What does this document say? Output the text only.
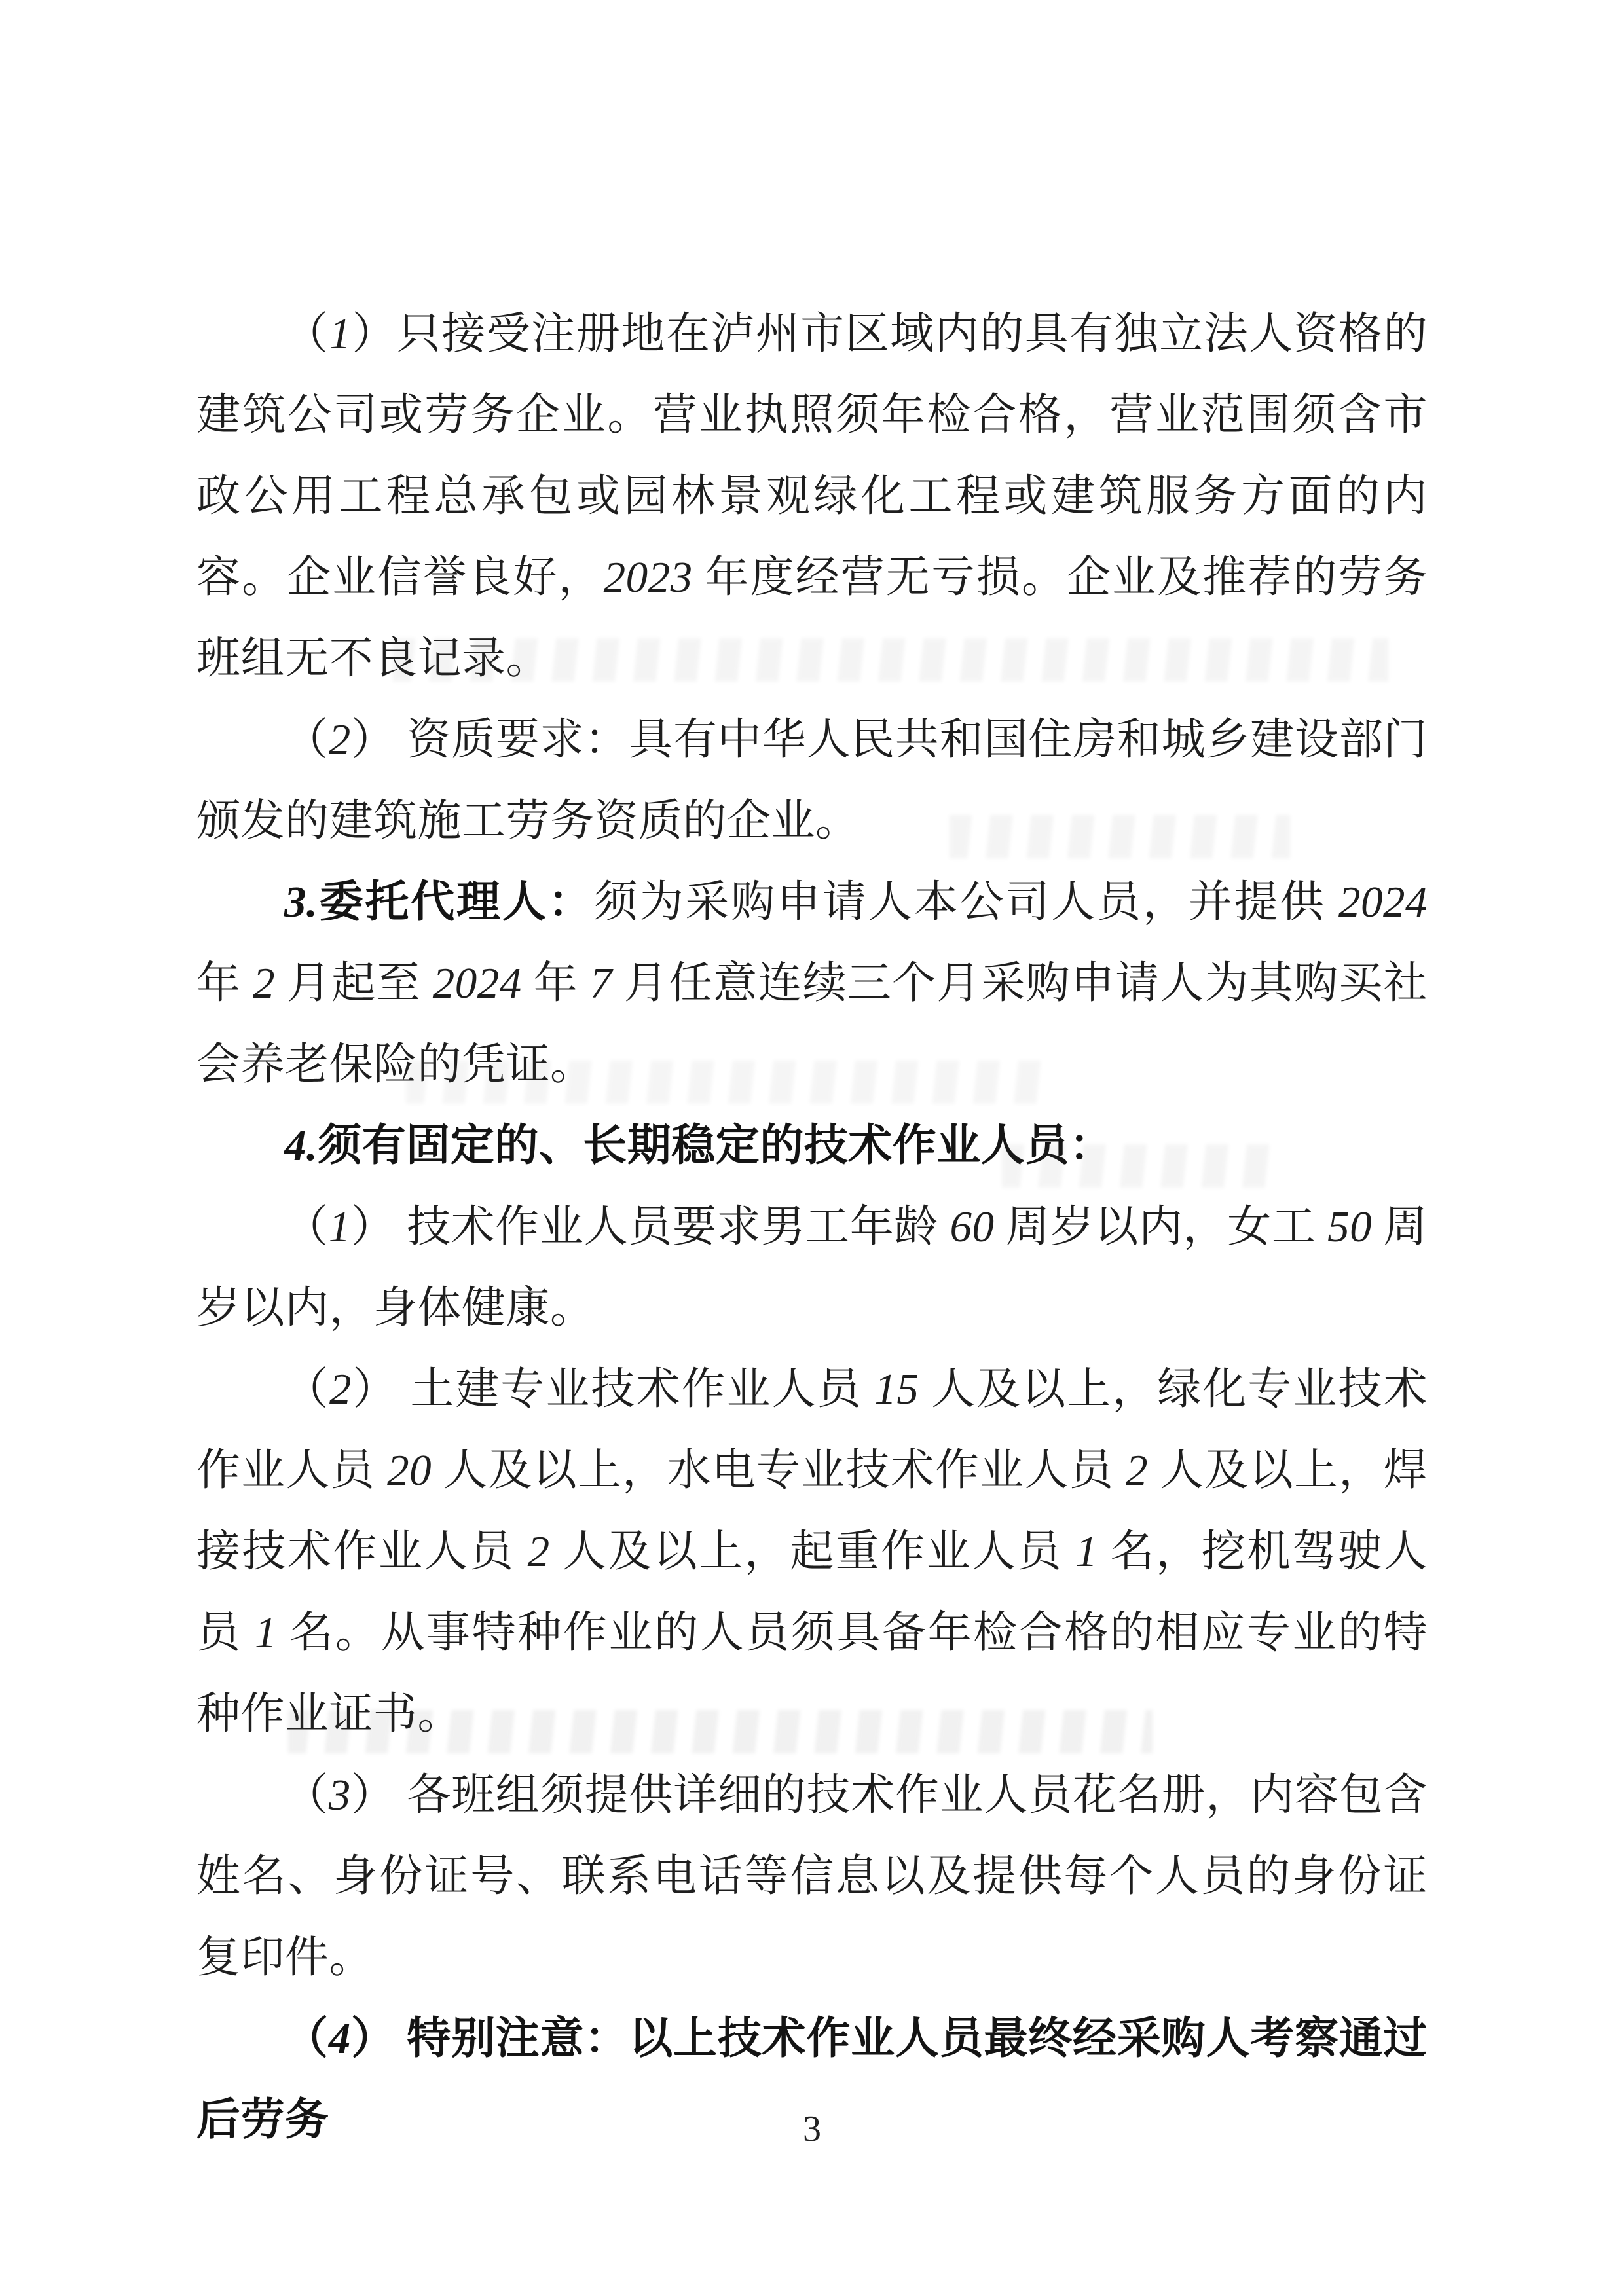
（1）只接受注册地在泸州市区域内的具有独立法人资格的建筑公司或劳务企业。营业执照须年检合格，营业范围须含市政公用工程总承包或园林景观绿化工程或建筑服务方面的内容。企业信誉良好，2023 年度经营无亏损。企业及推荐的劳务班组无不良记录。

（2） 资质要求：具有中华人民共和国住房和城乡建设部门颁发的建筑施工劳务资质的企业。

3.委托代理人：须为采购申请人本公司人员，并提供 2024 年 2 月起至 2024 年 7 月任意连续三个月采购申请人为其购买社会养老保险的凭证。

4.须有固定的、长期稳定的技术作业人员：

（1） 技术作业人员要求男工年龄 60 周岁以内，女工 50 周岁以内，身体健康。

（2） 土建专业技术作业人员 15 人及以上，绿化专业技术作业人员 20 人及以上，水电专业技术作业人员 2 人及以上，焊接技术作业人员 2 人及以上，起重作业人员 1 名，挖机驾驶人员 1 名。从事特种作业的人员须具备年检合格的相应专业的特种作业证书。

（3） 各班组须提供详细的技术作业人员花名册，内容包含姓名、身份证号、联系电话等信息以及提供每个人员的身份证复印件。

（4） 特别注意：以上技术作业人员最终经采购人考察通过后劳务	3
